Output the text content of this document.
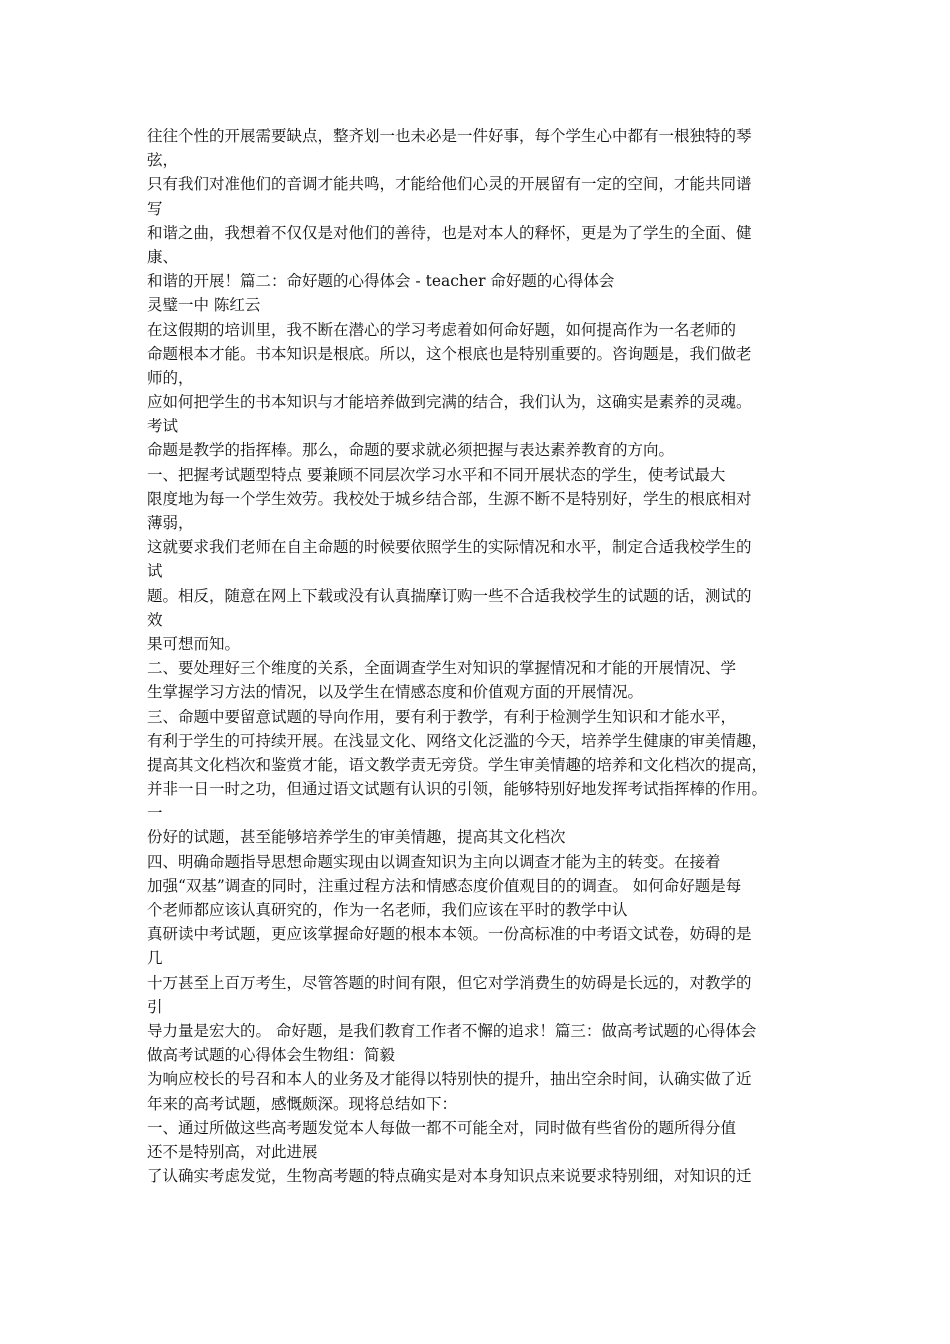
往往个性的开展需要缺点，整齐划一也未必是一件好事，每个学生心中都有一根独特的琴
弦，
只有我们对准他们的音调才能共鸣，才能给他们心灵的开展留有一定的空间，才能共同谱
写
和谐之曲，我想着不仅仅是对他们的善待，也是对本人的释怀，更是为了学生的全面、健
康、
和谐的开展！篇二：命好题的心得体会 - teacher 命好题的心得体会
灵璧一中 陈红云
在这假期的培训里，我不断在潜心的学习考虑着如何命好题，如何提高作为一名老师的
命题根本才能。书本知识是根底。所以，这个根底也是特别重要的。咨询题是，我们做老
师的，
应如何把学生的书本知识与才能培养做到完满的结合，我们认为，这确实是素养的灵魂。
考试
命题是教学的指挥棒。那么，命题的要求就必须把握与表达素养教育的方向。
一、把握考试题型特点 要兼顾不同层次学习水平和不同开展状态的学生，使考试最大
限度地为每一个学生效劳。我校处于城乡结合部，生源不断不是特别好，学生的根底相对
薄弱，
这就要求我们老师在自主命题的时候要依照学生的实际情况和水平，制定合适我校学生的
试
题。相反，随意在网上下载或没有认真揣摩订购一些不合适我校学生的试题的话，测试的
效
果可想而知。
二、要处理好三个维度的关系，全面调查学生对知识的掌握情况和才能的开展情况、学
生掌握学习方法的情况，以及学生在情感态度和价值观方面的开展情况。
三、命题中要留意试题的导向作用，要有利于教学，有利于检测学生知识和才能水平，
有利于学生的可持续开展。在浅显文化、网络文化泛滥的今天，培养学生健康的审美情趣，
提高其文化档次和鉴赏才能，语文教学责无旁贷。学生审美情趣的培养和文化档次的提高，
并非一日一时之功，但通过语文试题有认识的引领，能够特别好地发挥考试指挥棒的作用。
一
份好的试题，甚至能够培养学生的审美情趣，提高其文化档次
四、明确命题指导思想命题实现由以调查知识为主向以调查才能为主的转变。在接着
加强“双基”调查的同时，注重过程方法和情感态度价值观目的的调查。 如何命好题是每
个老师都应该认真研究的，作为一名老师，我们应该在平时的教学中认
真研读中考试题，更应该掌握命好题的根本本领。一份高标准的中考语文试卷，妨碍的是
几
十万甚至上百万考生，尽管答题的时间有限，但它对学消费生的妨碍是长远的，对教学的
引
导力量是宏大的。 命好题，是我们教育工作者不懈的追求！篇三：做高考试题的心得体会
做高考试题的心得体会生物组：简毅
为响应校长的号召和本人的业务及才能得以特别快的提升，抽出空余时间，认确实做了近
年来的高考试题，感慨颇深。现将总结如下：
一、通过所做这些高考题发觉本人每做一都不可能全对，同时做有些省份的题所得分值
还不是特别高，对此进展
了认确实考虑发觉，生物高考题的特点确实是对本身知识点来说要求特别细，对知识的迁
